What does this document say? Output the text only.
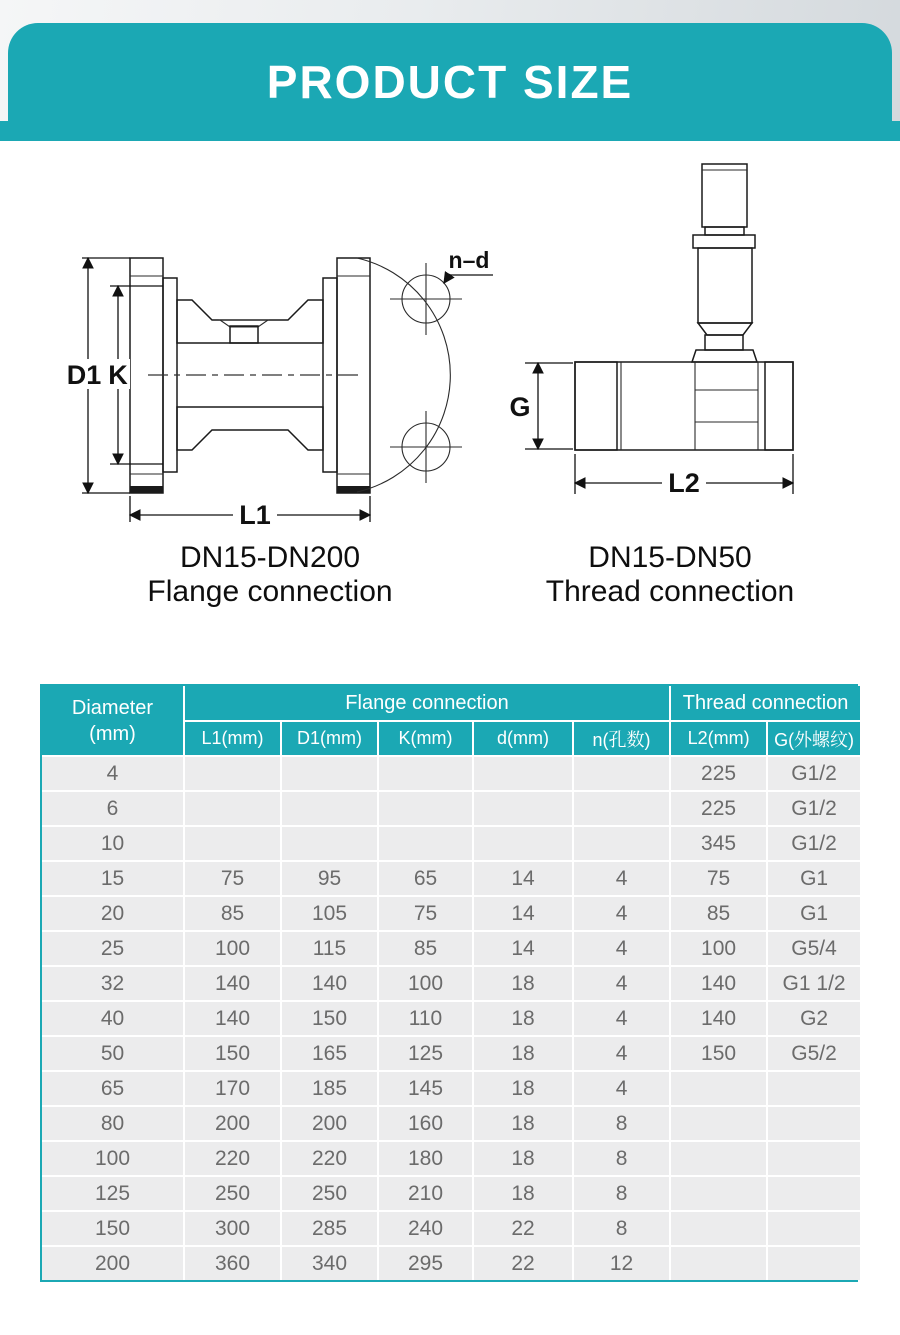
PRODUCT SIZE
n–d
D1 K
L1
G
L2
DN15-DN200
Flange connection
DN15-DN50
Thread connection
Diameter
(mm)	Flange connection					Thread connection	
	L1(mm)	D1(mm)	K(mm)	d(mm)	n(孔数)	L2(mm)	G(外螺纹)
4						225	G1/2
6						225	G1/2
10						345	G1/2
15	75	95	65	14	4	75	G1
20	85	105	75	14	4	85	G1
25	100	115	85	14	4	100	G5/4
32	140	140	100	18	4	140	G1 1/2
40	140	150	110	18	4	140	G2
50	150	165	125	18	4	150	G5/2
65	170	185	145	18	4		
80	200	200	160	18	8		
100	220	220	180	18	8		
125	250	250	210	18	8		
150	300	285	240	22	8		
200	360	340	295	22	12		
